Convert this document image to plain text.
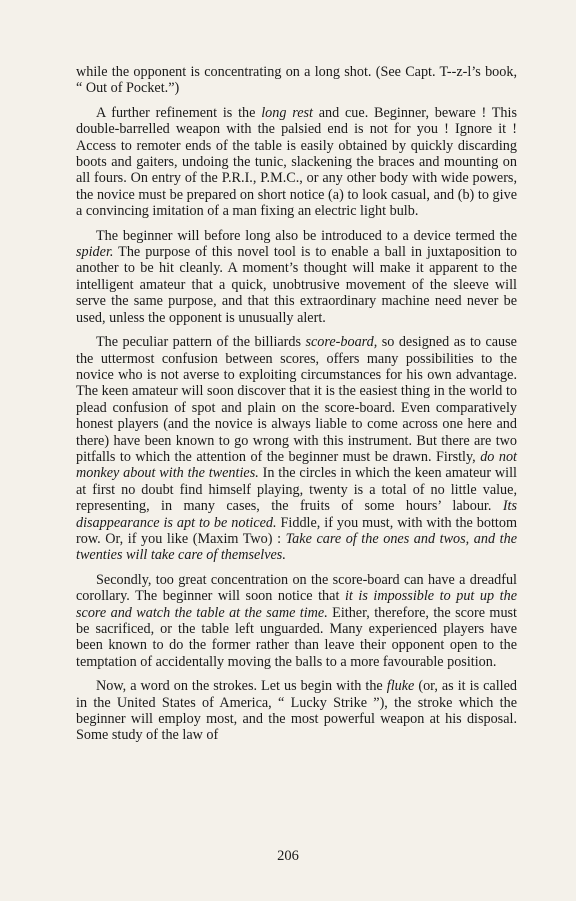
while the opponent is concentrating on a long shot. (See Capt. T--z-l’s book, “ Out of Pocket.”)

A further refinement is the long rest and cue. Beginner, beware ! This double-barrelled weapon with the palsied end is not for you ! Ignore it ! Access to remoter ends of the table is easily obtained by quickly discarding boots and gaiters, undoing the tunic, slackening the braces and mounting on all fours. On entry of the P.R.I., P.M.C., or any other body with wide powers, the novice must be prepared on short notice (a) to look casual, and (b) to give a convincing imitation of a man fixing an electric light bulb.

The beginner will before long also be introduced to a device termed the spider. The purpose of this novel tool is to enable a ball in juxtaposition to another to be hit cleanly. A moment’s thought will make it apparent to the intelligent amateur that a quick, unobtrusive movement of the sleeve will serve the same purpose, and that this extraordinary machine need never be used, unless the opponent is unusually alert.

The peculiar pattern of the billiards score-board, so designed as to cause the uttermost confusion between scores, offers many possibilities to the novice who is not averse to exploiting circumstances for his own advantage. The keen amateur will soon discover that it is the easiest thing in the world to plead confusion of spot and plain on the score-board. Even comparatively honest players (and the novice is always liable to come across one here and there) have been known to go wrong with this instrument. But there are two pitfalls to which the attention of the beginner must be drawn. Firstly, do not monkey about with the twenties. In the circles in which the keen amateur will at first no doubt find himself playing, twenty is a total of no little value, representing, in many cases, the fruits of some hours’ labour. Its disappearance is apt to be noticed. Fiddle, if you must, with with the bottom row. Or, if you like (Maxim Two) : Take care of the ones and twos, and the twenties will take care of themselves.

Secondly, too great concentration on the score-board can have a dreadful corollary. The beginner will soon notice that it is impossible to put up the score and watch the table at the same time. Either, therefore, the score must be sacrificed, or the table left unguarded. Many experienced players have been known to do the former rather than leave their opponent open to the temptation of accidentally moving the balls to a more favourable position.

Now, a word on the strokes. Let us begin with the fluke (or, as it is called in the United States of America, “ Lucky Strike ”), the stroke which the beginner will employ most, and the most powerful weapon at his disposal. Some study of the law of

206
